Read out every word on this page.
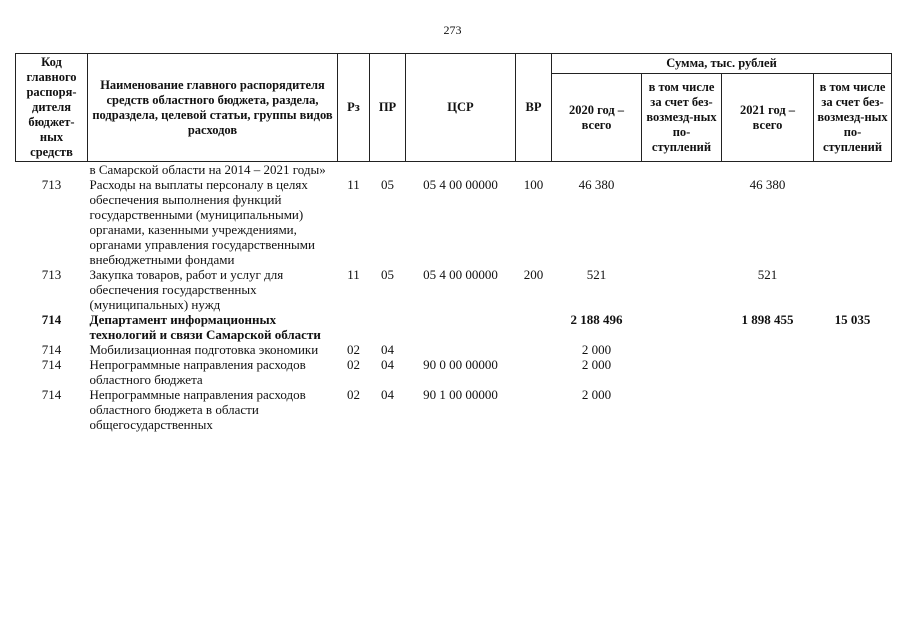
273
Код главного распоря-дителя бюджет-ных средств	Наименование главного распорядителя средств областного бюджета, раздела, подраздела, целевой статьи, группы видов расходов	Рз	ПР	ЦСР	ВР	Сумма, тыс. рублей			
						2020 год – всего	в том числе за счет без-возмезд-ных по-ступлений	2021 год – всего	в том числе за счет без-возмезд-ных по-ступлений
	в Самарской области на 2014 – 2021 годы»								
713	Расходы на выплаты персоналу в целях обеспечения выполнения функций государственными (муниципальными) органами, казенными учреждениями, органами управления государственными внебюджетными фондами	11	05	05 4 00 00000	100	46 380		46 380	
713	Закупка товаров, работ и услуг для обеспечения государственных (муниципальных) нужд	11	05	05 4 00 00000	200	521		521	
714	Департамент информационных технологий и связи Самарской области					2 188 496		1 898 455	15 035
714	Мобилизационная подготовка экономики	02	04			2 000			
714	Непрограммные направления расходов областного бюджета	02	04	90 0 00 00000		2 000			
714	Непрограммные направления расходов областного бюджета в области общегосударственных	02	04	90 1 00 00000		2 000			
